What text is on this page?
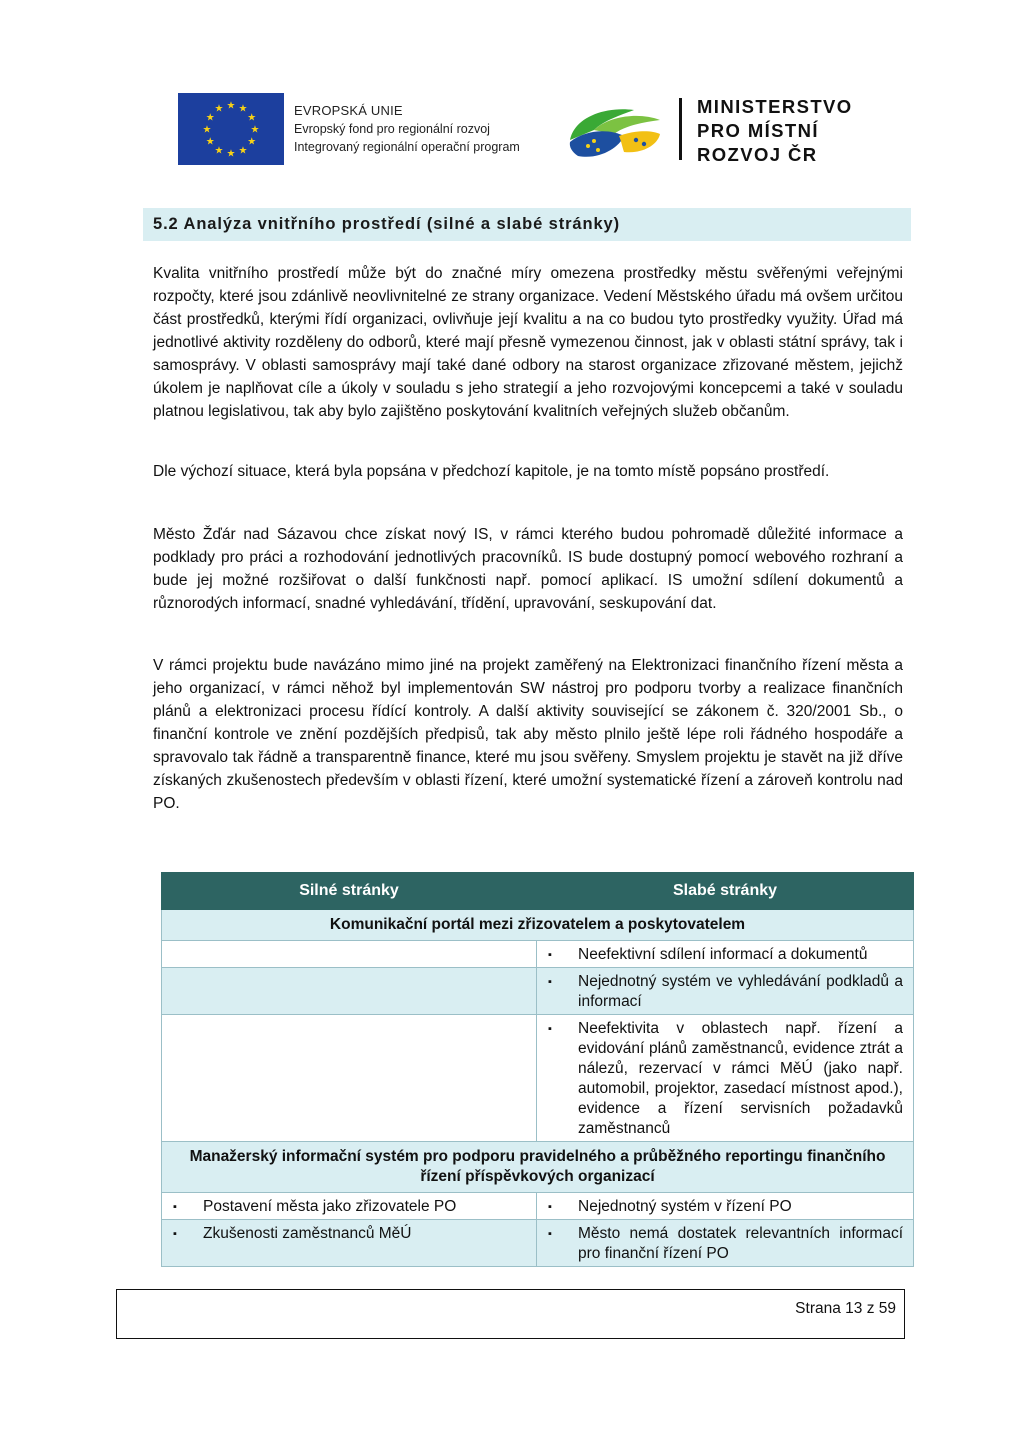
★ ★
★
★
★
★
★
★
★
★
★
★	EVROPSKÁ UNIE
Evropský fond pro regionální rozvoj
Integrovaný regionální operační program
MINISTERSTVO
PRO MÍSTNÍ
ROZVOJ ČR
5.2 Analýza vnitřního prostředí (silné a slabé stránky)

Kvalita vnitřního prostředí může být do značné míry omezena prostředky městu svěřenými veřejnými rozpočty, které jsou zdánlivě neovlivnitelné ze strany organizace. Vedení Městského úřadu má ovšem určitou část prostředků, kterými řídí organizaci, ovlivňuje její kvalitu a na co budou tyto prostředky využity. Úřad má jednotlivé aktivity rozděleny do odborů, které mají přesně vymezenou činnost, jak v oblasti státní správy, tak i samosprávy. V oblasti samosprávy mají také dané odbory na starost organizace zřizované městem, jejichž úkolem je naplňovat cíle a úkoly v souladu s jeho strategií a jeho rozvojovými koncepcemi a také v souladu platnou legislativou, tak aby bylo zajištěno poskytování kvalitních veřejných služeb občanům.

Dle výchozí situace, která byla popsána v předchozí kapitole, je na tomto místě popsáno prostředí.

Město Žďár nad Sázavou chce získat nový IS, v rámci kterého budou pohromadě důležité informace a podklady pro práci a rozhodování jednotlivých pracovníků. IS bude dostupný pomocí webového rozhraní a bude jej možné rozšiřovat o další funkčnosti např. pomocí aplikací. IS umožní sdílení dokumentů a různorodých informací, snadné vyhledávání, třídění, upravování, seskupování dat.

V rámci projektu bude navázáno mimo jiné na projekt zaměřený na Elektronizaci finančního řízení města a jeho organizací, v rámci něhož byl implementován SW nástroj pro podporu tvorby a realizace finančních plánů a elektronizaci procesu řídící kontroly. A další aktivity související se zákonem č. 320/2001 Sb., o finanční kontrole ve znění pozdějších předpisů, tak aby město plnilo ještě lépe roli řádného hospodáře a spravovalo tak řádně a transparentně finance, které mu jsou svěřeny. Smyslem projektu je stavět na již dříve získaných zkušenostech především v oblasti řízení, které umožní systematické řízení a zároveň kontrolu nad PO.

Silné stránky	Slabé stránky
Komunikační portál mezi zřizovatelem a poskytovatelem	

	▪ Neefektivní sdílení informací a dokumentů

	▪ Nejednotný systém ve vyhledávání podkladů a informací

	▪ Neefektivita v oblastech např. řízení a evidování plánů zaměstnanců, evidence ztrát a nálezů, rezervací v rámci MěÚ (jako např. automobil, projektor, zasedací místnost apod.), evidence a řízení servisních požadavků zaměstnanců

Manažerský informační systém pro podporu pravidelného a průběžného reportingu finančního řízení příspěvkových organizací	

▪ Postavení města jako zřizovatele PO	▪ Nejednotný systém v řízení PO

▪ Zkušenosti zaměstnanců MěÚ	▪ Město nemá dostatek relevantních informací pro finanční řízení PO
Strana 13 z 59
